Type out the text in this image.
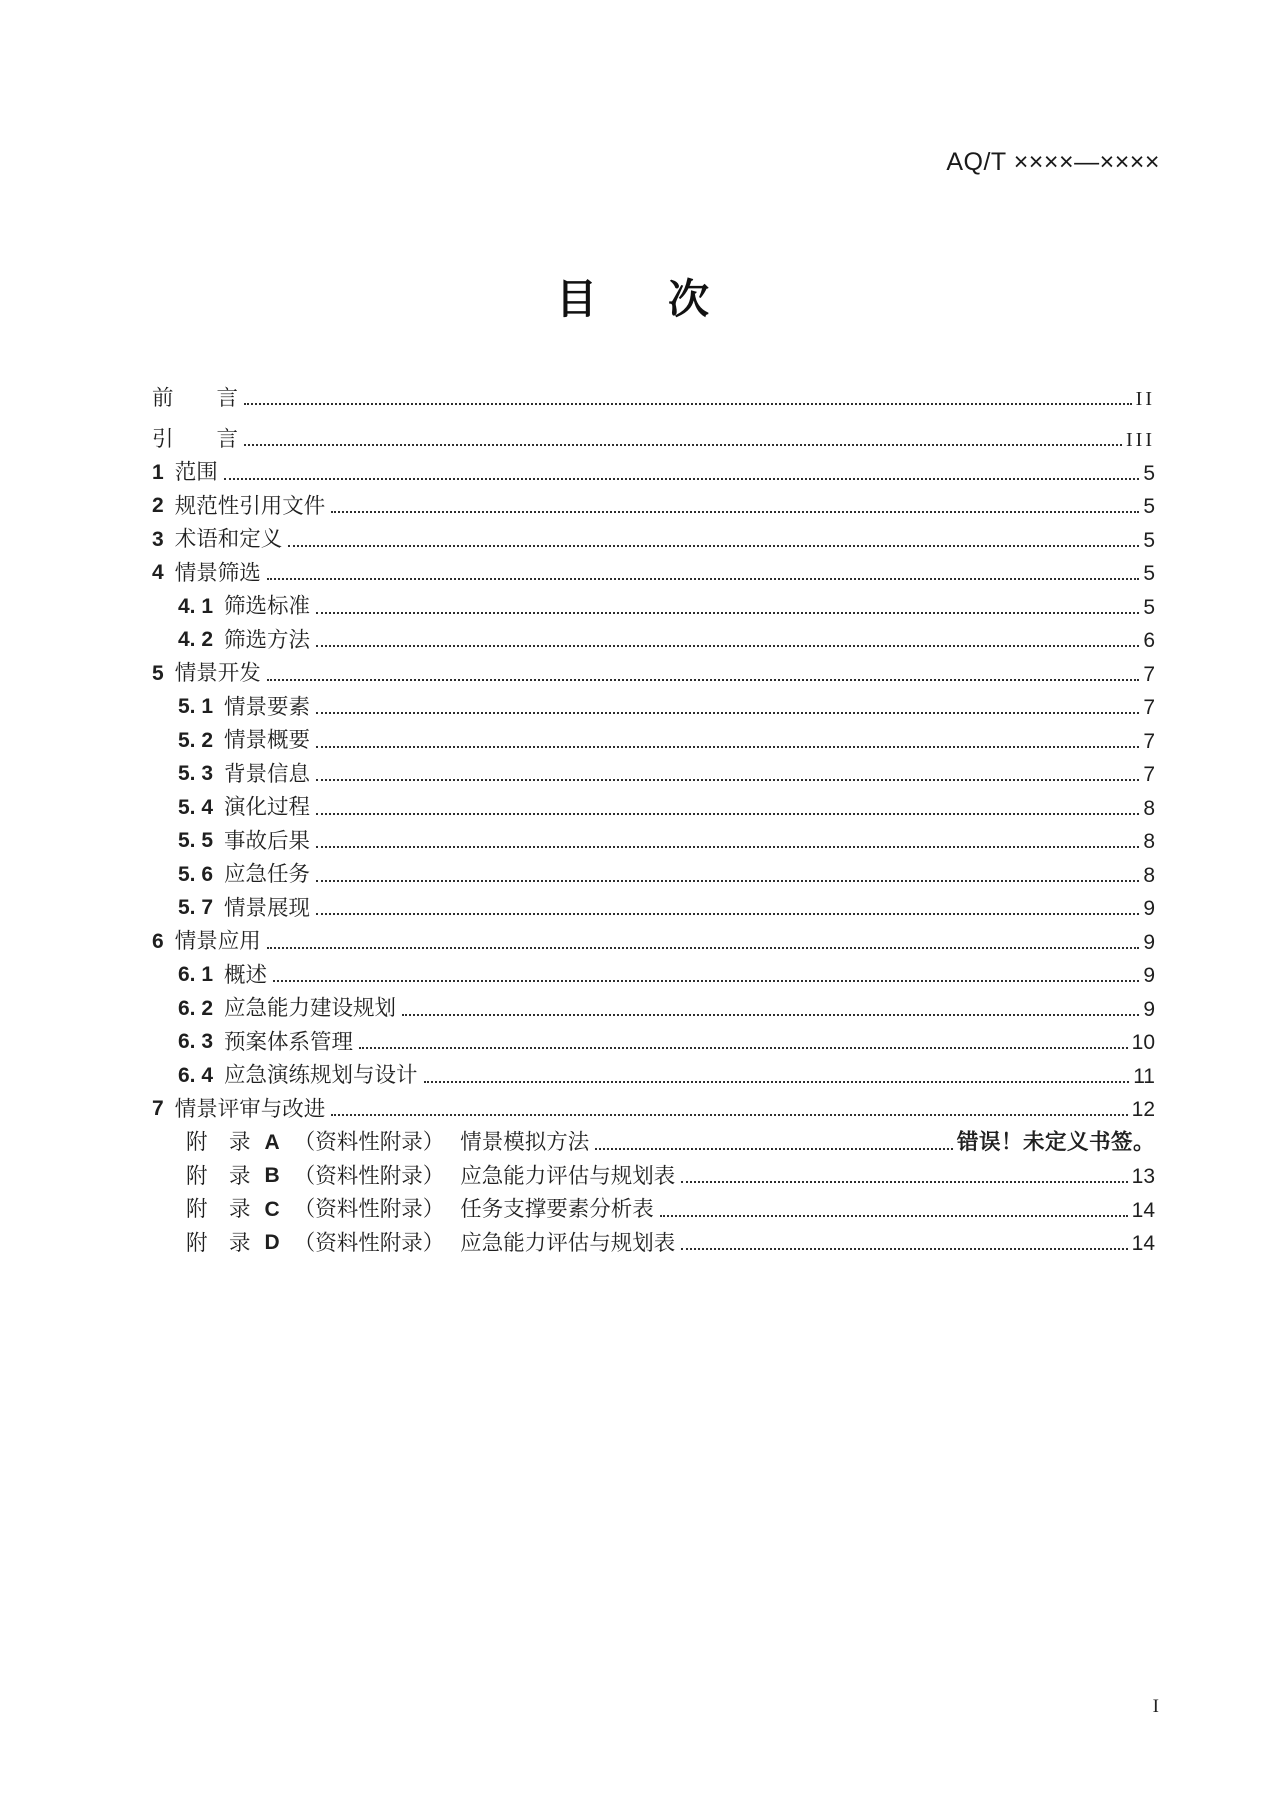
AQ/T ××××—××××
目　次
前　　言	II
引　　言	III
1 范围	5
2 规范性引用文件	5
3 术语和定义	5
4 情景筛选	5
4. 1 筛选标准	5
4. 2 筛选方法	6
5 情景开发	7
5. 1 情景要素	7
5. 2 情景概要	7
5. 3 背景信息	7
5. 4 演化过程	8
5. 5 事故后果	8
5. 6 应急任务	8
5. 7 情景展现	9
6 情景应用	9
6. 1 概述	9
6. 2 应急能力建设规划	9
6. 3 预案体系管理	10
6. 4 应急演练规划与设计	11
7 情景评审与改进	12
附　录 A （资料性附录） 情景模拟方法	错误！未定义书签。
附　录 B （资料性附录） 应急能力评估与规划表	13
附　录 C （资料性附录） 任务支撑要素分析表	14
附　录 D （资料性附录） 应急能力评估与规划表	14
I
